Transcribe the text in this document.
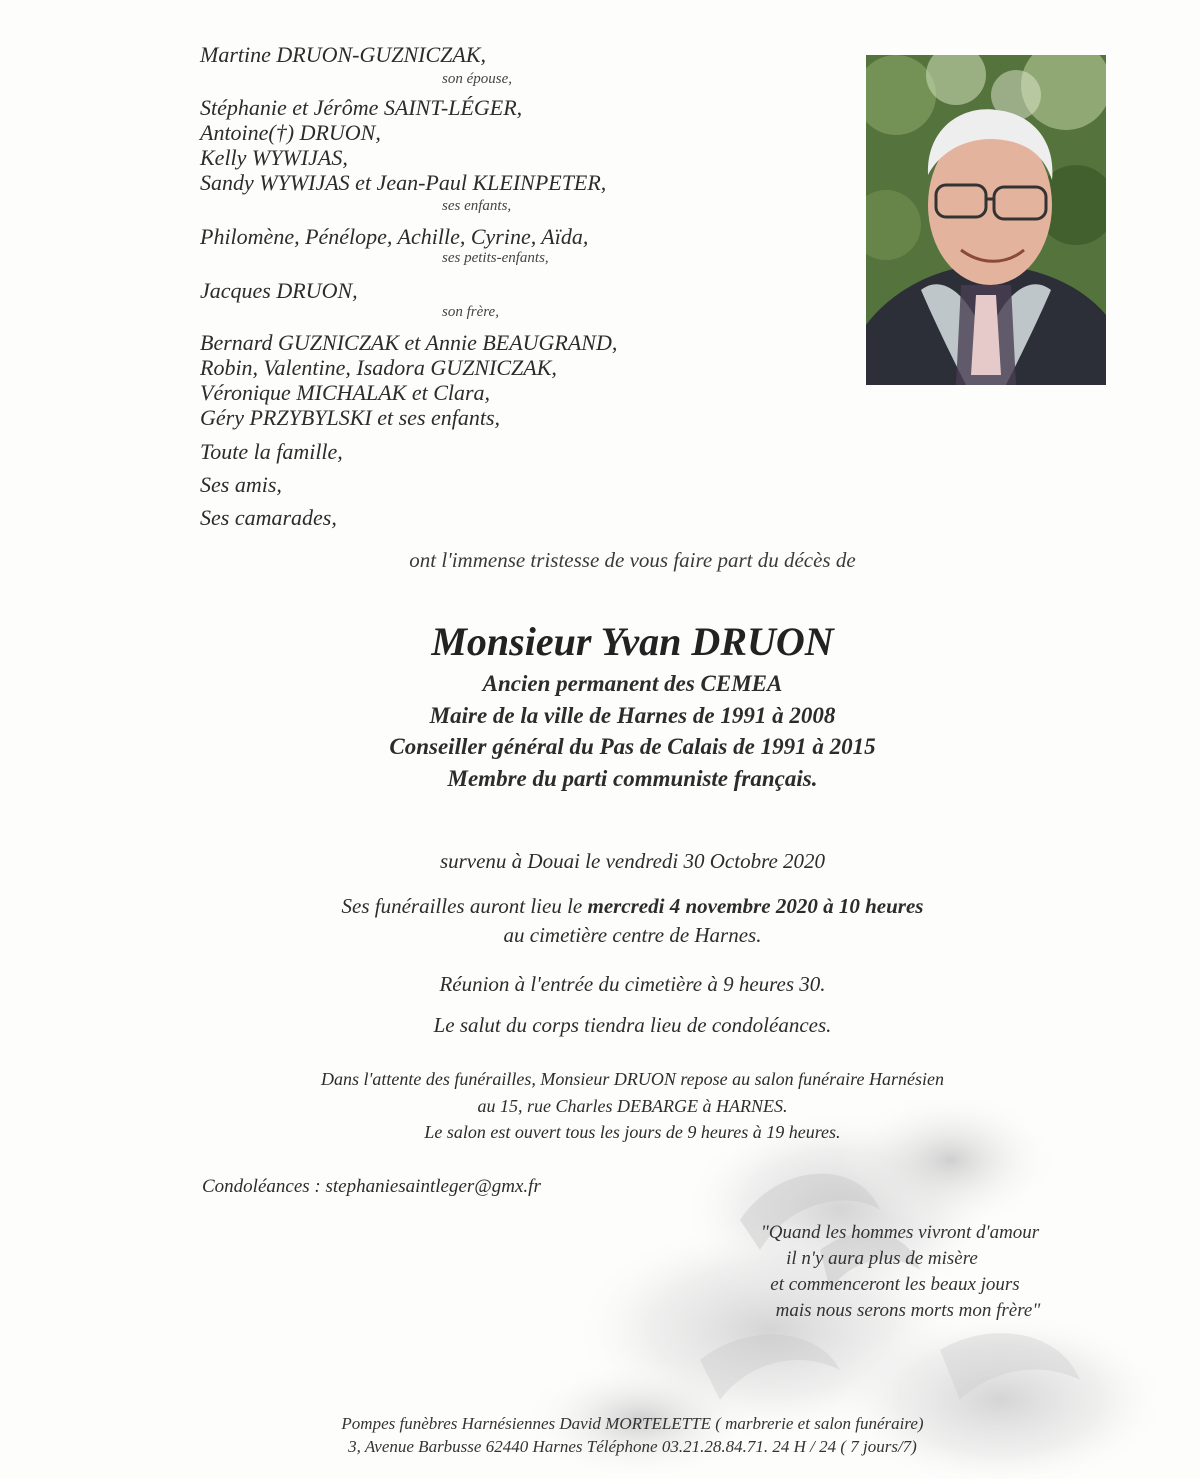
Martine DRUON-GUZNICZAK,
son épouse,
Stéphanie et Jérôme SAINT-LÉGER,
Antoine(†) DRUON,
Kelly WYWIJAS,
Sandy WYWIJAS et Jean-Paul KLEINPETER,
ses enfants,
Philomène, Pénélope, Achille, Cyrine, Aïda,
ses petits-enfants,
Jacques DRUON,
son frère,
Bernard GUZNICZAK et Annie BEAUGRAND,
Robin, Valentine, Isadora GUZNICZAK,
Véronique MICHALAK et Clara,
Géry PRZYBYLSKI et ses enfants,
Toute la famille,
Ses amis,
Ses camarades,
ont l'immense tristesse de vous faire part du décès de
Monsieur Yvan DRUON
Ancien permanent des CEMEA
Maire de la ville de Harnes de 1991 à 2008
Conseiller général du Pas de Calais de 1991 à 2015
Membre du parti communiste français.
survenu à Douai le vendredi 30 Octobre 2020
Ses funérailles auront lieu le mercredi 4 novembre 2020 à 10 heures
au cimetière centre de Harnes.
Réunion à l'entrée du cimetière à 9 heures 30.
Le salut du corps tiendra lieu de condoléances.
Dans l'attente des funérailles, Monsieur DRUON repose au salon funéraire Harnésien
au 15, rue Charles DEBARGE à HARNES.
Le salon est ouvert tous les jours de 9 heures à 19 heures.
Condoléances : stephaniesaintleger@gmx.fr
"Quand les hommes vivront d'amour
il n'y aura plus de misère
et commenceront les beaux jours
mais nous serons morts mon frère"
Pompes funèbres Harnésiennes David MORTELETTE ( marbrerie et salon funéraire)
3, Avenue Barbusse 62440 Harnes Téléphone 03.21.28.84.71. 24 H / 24 ( 7 jours/7)
